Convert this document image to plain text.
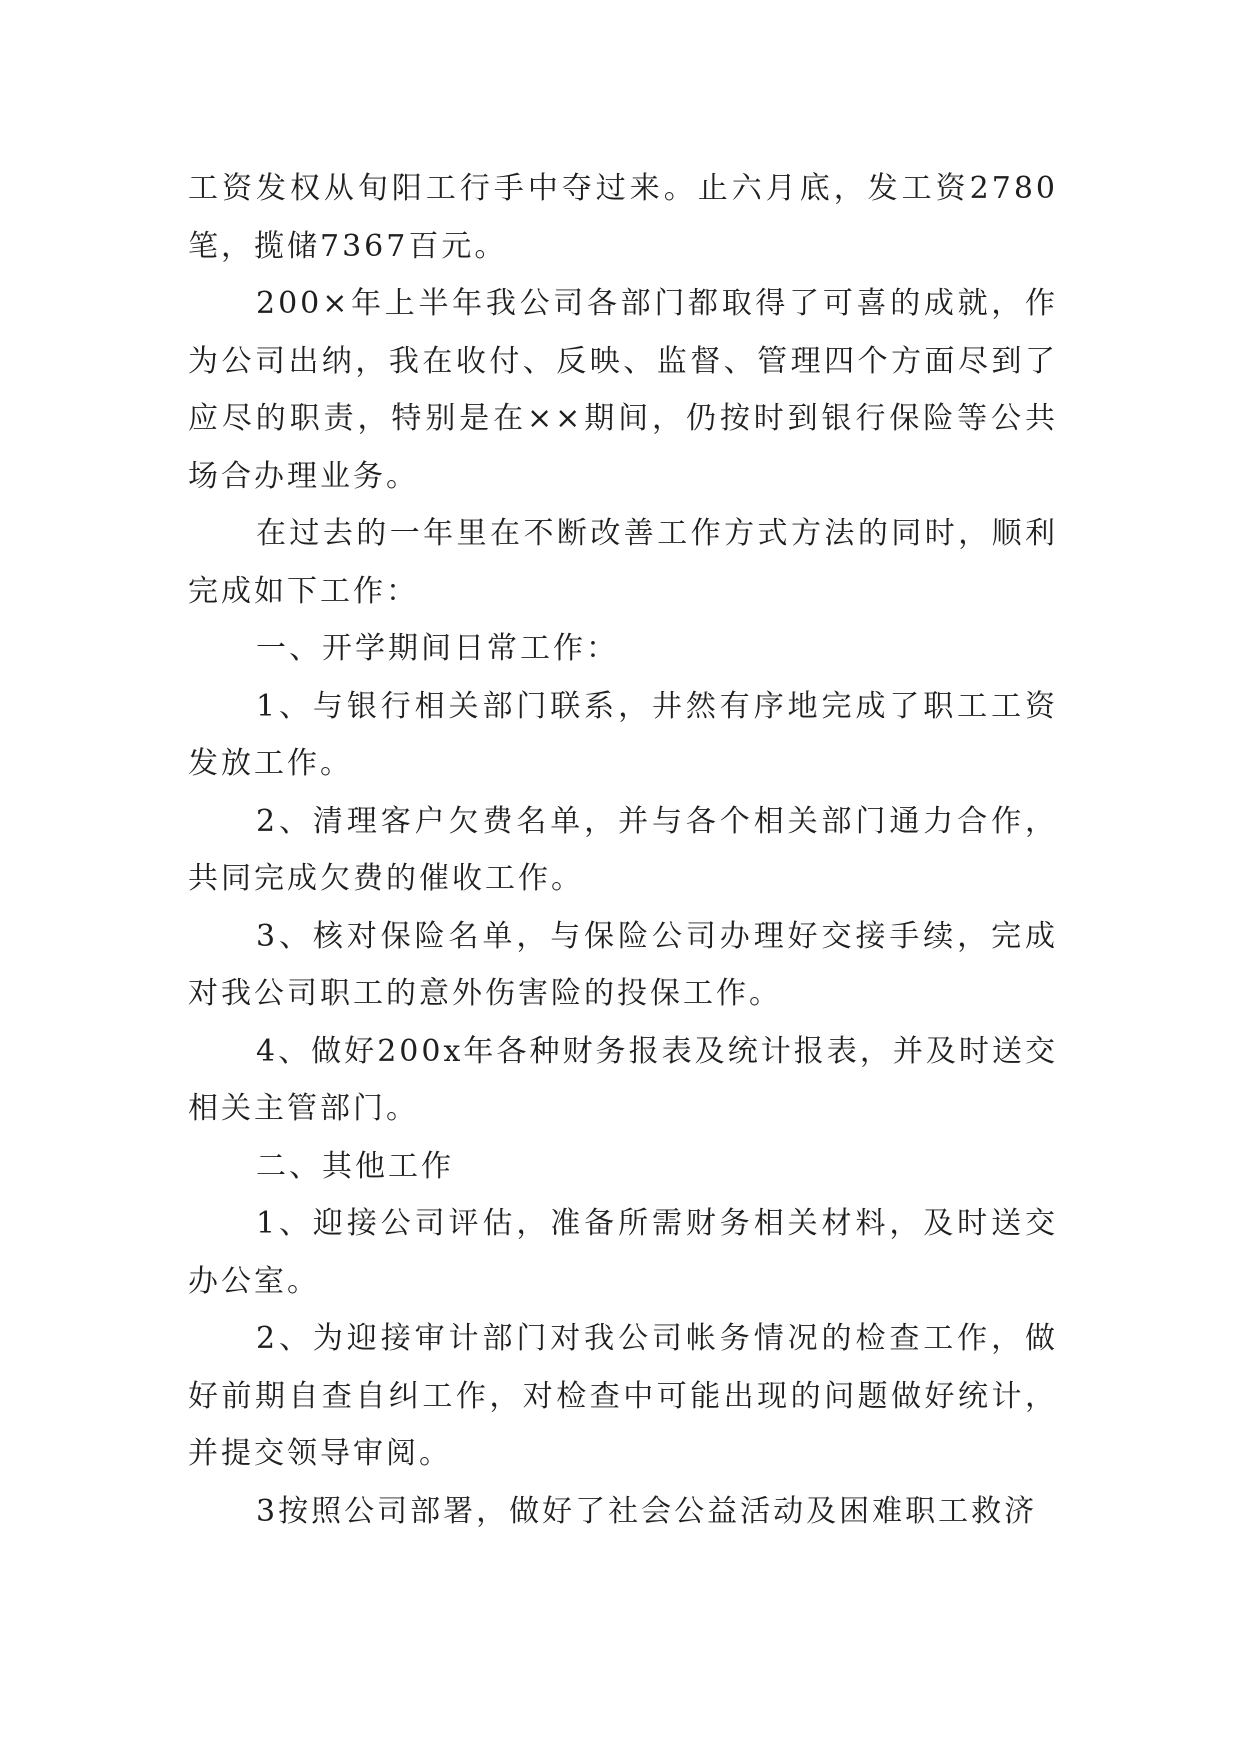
工资发权从旬阳工行手中夺过来。止六月底，发工资2780笔，揽储7367百元。

200×年上半年我公司各部门都取得了可喜的成就，作为公司出纳，我在收付、反映、监督、管理四个方面尽到了应尽的职责，特别是在××期间，仍按时到银行保险等公共场合办理业务。

在过去的一年里在不断改善工作方式方法的同时，顺利完成如下工作：

一、开学期间日常工作：

1、与银行相关部门联系，井然有序地完成了职工工资发放工作。

2、清理客户欠费名单，并与各个相关部门通力合作，共同完成欠费的催收工作。

3、核对保险名单，与保险公司办理好交接手续，完成对我公司职工的意外伤害险的投保工作。

4、做好200x年各种财务报表及统计报表，并及时送交相关主管部门。

二、其他工作

1、迎接公司评估，准备所需财务相关材料，及时送交办公室。

2、为迎接审计部门对我公司帐务情况的检查工作，做好前期自查自纠工作，对检查中可能出现的问题做好统计，并提交领导审阅。

3按照公司部署，做好了社会公益活动及困难职工救济
